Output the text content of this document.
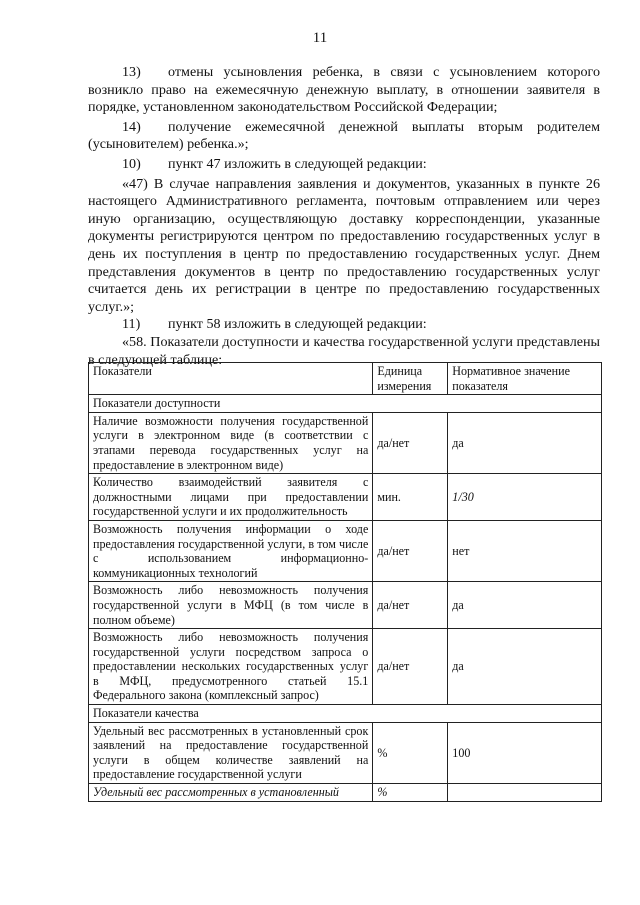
11

13) отмены усыновления ребенка, в связи с усыновлением которого возникло право на ежемесячную денежную выплату, в отношении заявителя в порядке, установленном законодательством Российской Федерации;

14) получение ежемесячной денежной выплаты вторым родителем (усыновителем) ребенка.»;

10) пункт 47 изложить в следующей редакции:

«47) В случае направления заявления и документов, указанных в пункте 26 настоящего Административного регламента, почтовым отправлением или через иную организацию, осуществляющую доставку корреспонденции, указанные документы регистрируются центром по предоставлению государственных услуг в день их поступления в центр по предоставлению государственных услуг. Днем представления документов в центр по предоставлению государственных услуг считается день их регистрации в центре по предоставлению государственных услуг.»;

11) пункт 58 изложить в следующей редакции:

«58. Показатели доступности и качества государственной услуги представлены в следующей таблице:

Показатели	Единица измерения	Нормативное значение показателя
Показатели доступности		
Наличие возможности получения государственной услуги в электронном виде (в соответствии с этапами перевода государственных услуг на предоставление в электронном виде)	да/нет	да
Количество взаимодействий заявителя с должностными лицами при предоставлении государственной услуги и их продолжительность	мин.	1/30
Возможность получения информации о ходе предоставления государственной услуги, в том числе с использованием информационно-коммуникационных технологий	да/нет	нет
Возможность либо невозможность получения государственной услуги в МФЦ (в том числе в полном объеме)	да/нет	да
Возможность либо невозможность получения государственной услуги посредством запроса о предоставлении нескольких государственных услуг в МФЦ, предусмотренного статьей 15.1 Федерального закона (комплексный запрос)	да/нет	да
Показатели качества		
Удельный вес рассмотренных в установленный срок заявлений на предоставление государственной услуги в общем количестве заявлений на предоставление государственной услуги	%	100
Удельный вес рассмотренных в установленный	%	
